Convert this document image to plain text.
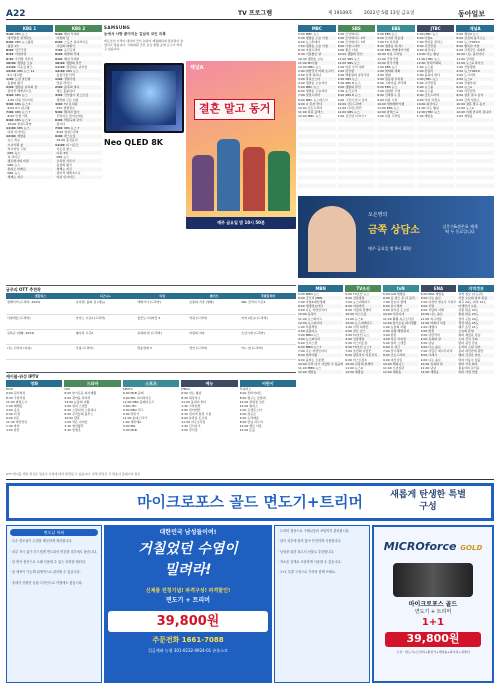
A22	TV 프로그램	제 19109호	2022년 5월 13일 금요일	동아일보
KBS 1
5:00 KBS 뉴스
대기발전 정책특보
6:00 KBS 뉴스광장
광장 1부
8:00 인간극장
8:25 아침마당
9:30 우리말 겨루기
10:00 생방송 오늘
11:00 이웃집 찰스
12:00 KBS 뉴스 12
6시 내고향
1:00 도전 골든벨
동물의 왕국
2:00 생방송 남북의 창
걸어서 세계속으로
3:00 KBS 뉴스
4:00 다큐 인사이트
5:00 KBS 뉴스 5
6:00 6시 내고향
7:00 KBS 뉴스 7
8:00 인생 기록
9:00 KBS 뉴스 9
10:00 일일드라마
11:00 KBS 뉴스
다큐 인사이트
12:00 재방송
뉴스 특보
시사기획 창
역사저널 그날
KBS 뉴스
더 라이브
생로병사의 비밀
KBS 뉴스
통일로 미래로
KBS 뉴스
세계는 지금
KBS 2
5:00 해피 투게더
아침의 잎
6:00 스포츠 하이라이트
사랑의 꽈배기
7:00 순간포착
8:00 태양의 후예
9:00 해피 투게더
10:00 생활의 달인
11:00 살림하는 남자들
12:00 KBS 뉴스
동물극장 단짝
1:00 경찰수업
연중 라이브
2:00 불후의 명곡
개는 훌륭하다
3:00 신상출시 편스토랑
세상의 모든 다큐
4:00 TV 유치원
2TV 생생정보
5:00 해치지 않아
무엇이든 물어보세요
6:00 박원숙의 같이
삽시다
7:00 KBS 뉴스 7
8:00 일일드라마
9:00 편스토랑
10:00 홍김동전
11:00 더 시즌즈
이웃집 찰스
다큐 3일
KBS 뉴스
우리말 겨루기
동물의 왕국
세계는 지금
걸어서 세계속으로
다큐 인사이트
SAMSUNG
눈에서 사랑 쏟아지는 김남국 코인 의혹
비트코인 가격이 내리며 코인 논란이 재점화되며 정치권이 술렁이고 있습니다. 국회의원 코인 보유 현황 공개 요구가 커지고 있습니다.
Neo QLED 8K
채널A
결혼 말고 동거
매주 금요일 밤 10시 50분
MBC
5:00 MBC 뉴스
5:30 생방송 오늘 아침
6:00 뉴스투데이
7:50 생방송 오늘 아침
8:30 아침드라마
9:30 기분좋은 날
10:30 생방송 오늘
11:00 PD수첩
12:00 MBC 뉴스
1:00 대한민국 미래 보고서
2:00 놀면 뭐하니
3:00 라디오스타
4:00 생방송 오늘저녁
5:00 MBC 뉴스
6:00 생방송 오늘저녁
7:00 일일드라마
8:00 MBC 뉴스데스크
9:00 나 혼자 산다
10:00 금토드라마
11:00 다큐 플렉스
12:00 MBC 뉴스
SBS
5:00 모닝와이드
6:00 모닝와이드 2부
7:00 모닝와이드 3부
8:00 아침드라마
9:00 좋은 아침
10:00 생활의 달인
11:00 SBS 뉴스
12:00 SBS 뉴스
1:00 미운 우리 새끼
2:00 런닝맨
3:00 백종원의 골목식당
4:00 SBS 뉴스
5:00 SBS 8 뉴스
6:00 생활의 달인
7:00 순간포착
8:00 SBS 8 뉴스
9:00 그것이 알고 싶다
10:00 금토드라마
11:00 나이트라인
12:00 SBS 뉴스
1:00 궁금한 이야기 Y
EBS
5:00 EBS 뉴스
6:00 모여라 딩동댕
7:00 TV 유치원
8:00 생방송 톡!톡!
9:00 EBS 세계테마기행
10:00 다큐 프라임
11:00 극한직업
12:00 한국기행
1:00 EBS 뉴스
2:00 세계의 명화
3:00 명의
4:00 딩동댕 유치원
5:00 고양이를 부탁해
6:00 EBS 뉴스
7:00 위대한 수업
8:00 건축탐구 집
9:00 다큐 시선
10:00 세계테마기행
11:00 EBS 뉴스
12:00 클래스 e
1:00 다큐 프라임
JTBC
5:00 JTBC 뉴스
6:00 아침&
7:00 상암동 클라스
8:00 사건반장
9:00 최강야구
10:00 아는 형님
11:00 JTBC 뉴스
12:00 정치부회의
1:00 뉴스룸
2:00 한블리
3:00 뭉쳐야 찬다
4:00 JTBC 뉴스
5:00 사건반장
6:00 뉴스룸
7:00 뉴스룸
8:00 금토드라마
9:00 닥터 차정숙
10:00 최강야구
11:00 아는 형님
12:00 JTBC 뉴스
1:00 재방송
채널A
5:00 채널A 뉴스
6:00 김진의 돌직구쇼
7:00 뉴스TOP10
8:00 행복한 아침
9:00 금쪽같은 내새끼
10:00 나는 몸신이다
11:00 강적들
12:00 뉴스A 라이브
1:00 신통방통
2:00 뉴스TOP10
3:00 도시어부
4:00 뉴스A
5:00 강철부대
6:00 뉴스A
7:00 서민갑부
8:00 결혼 말고 동거
9:00 금쪽 상담소
10:00 결혼 말고 동거
11:00 뉴스A
12:00 이제 만나러 갑니다
1:00 재방송
오은영의
금쪽 상담소
매주 금요일 밤 9시 30분
김응수&정은표 제게 딱 두 동료입니다
금주의 OTT 추천작
넷플릭스	디즈니+	티빙	웨이브	쿠팡플레이
퀸메이커 (드라마, 2023)	사이렌: 불의 섬 (예능)	택배기사 (드라마)	보통의 가족 (영화)	SNL 코리아 시즌4
사냥개들 (드라마)	카지노 시즌2 (드라마)	술꾼도시여자들 2	악귀 (드라마)	미끼 파트2 (드라마)
길복순 (영화, 2023)	형사록 시즌2	유괴의 날 (드라마)	비밀의 여자	소년시대 (드라마)
나는 신이다 (다큐)	무빙 (드라마)	환승연애 3	연인 (드라마)	어느 날 (드라마)
케이블·위성 IPTV
영화
OCN
6:00 검사외전
8:30 극한직업
11:00 범죄도시
1:30 베테랑
4:00 공조
6:30 더 킹
9:00 헌트
11:30 비상선언
1:40 마녀
3:50 한산
드라마
tvN
6:00 슬기로운 의사생활
9:00 갯마을 차차차
12:00 눈물의 여왕
3:00 일타 스캔들
6:00 스물다섯 스물하나
8:40 우리들의 블루스
10:50 환혼
1:00 작은 아씨들
3:10 철인왕후
5:20 빈센조
스포츠
SPOTV
6:00 MLB 중계
9:00 EPL 하이라이트
12:00 NBA 플레이오프
3:00 UFC
6:00 KBO 리그
9:00 라리가
11:00 분데스리가
1:00 세리에A
3:00 EPL
5:00 MLB
예능
JTBC2
6:00 아는 형님
8:30 최강야구
11:00 뭉쳐야 찬다
1:30 크라임씬
4:00 싱어게인
6:30 전지적 참견 시점
9:00 놀라운 토요일
11:30 지구오락실
1:40 신서유기
3:50 강식당
어린이
투니버스
6:00 신비아파트
8:00 짱구는 못말려
10:00 명탐정 코난
12:00 원피스
2:00 포켓몬스터
4:00 뽀로로
6:00 도라에몽
8:00 안녕 자두야
10:00 헬로 카봇
12:00 또봇
MBN
5:00 MBN 뉴스
6:00 굿모닝 MBN
7:00 아침&매일경제
8:00 생생정보마당
9:00 나는 자연인이다
10:00 동치미
11:00 뉴스와이드
12:00 뉴스파이터
1:00 특종세상
2:00 속풀이쇼
3:00 MBN 뉴스
4:00 뉴스파이터
5:00 보이스퀸
6:00 MBN 뉴스7
7:00 나는 자연인이다
8:00 현역가왕
9:00 불타는 트롯맨
10:00 우리 다시 사랑할 수 있을까
11:00 MBN 뉴스
12:00 재방송
TV조선
5:00 TV조선 뉴스
6:00 신통방통
7:00 뉴스퍼레이드
8:00 아침마당
9:00 사랑의 콜센타
10:00 미스트롯
11:00 뉴스9
12:00 뉴스퍼레이드
1:00 식객 허영만
2:00 골든 걸스
3:00 TV조선 뉴스
4:00 신통방통
5:00 미스터트롯
6:00 TV조선 뉴스7
7:00 조선의 사랑꾼
8:00 결혼작사 이혼작곡
9:00 미스트롯3
10:00 사랑의 콜센타
11:00 뉴스9
12:00 재방송
tvN
5:00 tvN 재방송
6:00 유 퀴즈 온 더 블럭
7:00 꽃보다 할배
8:00 삼시세끼
9:00 놀라운 토요일
10:00 서진이네
11:00 뿅뿅 지구오락실
12:00 슬기로운 의사생활
1:00 눈물의 여왕
2:00 나의 해방일지
3:00 환혼
4:00 작은 아씨들
5:00 일타 스캔들
6:00 유 퀴즈
7:00 삼시세끼
8:00 금토드라마
9:00 여신강림
10:00 해피니스
11:00 소년심판
12:00 재방송
ENA
5:00 ENA 재방송
6:00 나는 솔로
7:00 이상한 변호사 우영우
8:00 신병
9:00 사랑의 이해
10:00 나는 솔로
11:00 지구마불
12:00 어쩌다 사장
1:00 대행사
2:00 법쩐
3:00 낭만닥터
4:00 유괴의 날
5:00 남남
6:00 나는 솔로
7:00 사랑은 외나무다리
8:00 크래시
9:00 나는 솔로
10:00 유괴의 날
11:00 남남
12:00 재방송
지역정보
지역 정보 (수도권)
서울 오늘의 날씨 맑음
최고 24도 최저 12도
미세먼지 보통
강원 맑음 22도
충청 맑음 23도
전라 구름 24도
경상 맑음 25도
제주 흐림 21도
오늘의 운세
쥐띠 재물운 상승
소띠 건강 주의
범띠 귀인 만남
토끼띠 소원 성취
용띠 대인관계 원만
뱀띠 금전운 양호
말띠 이동수 있음
양띠 가족 화목
원숭이띠 문서운
닭띠 사업 번창
OTT·케이블 채널 편성은 방송사 사정에 따라 변경될 수 있습니다. 상세 편성은 각 방송사 홈페이지 참조
마이크로포스 골드 면도기+트리머	새롭게 탄생한 특별구성
면도날 특허
· 특수 면도날이 수염을 깨끗하게 정리합니다.
· 피부 자극 없이 부드럽게 면도되어 민감한 피부에도 좋습니다.
· 한 번의 충전으로 오래 사용할 수 있는 강력한 배터리.
· 물 세척이 가능해 위생적으로 관리할 수 있습니다.
· 휴대가 간편한 슬림 디자인으로 여행에도 좋습니다.
대한민국 남성들이여!
거칠었던 수염이
밀려라!
신제품 런칭기념! 파격구성! 파격할인!
면도기 + 트리머
39,800원
주문전화 1661-7088
입금계좌 농협 301-0232-0924-01 유통스토
· 트리머 겸용으로 구레나룻과 코털까지 관리합니다.
· 날이 피부에 닿지 않아 안전하게 사용합니다.
· 남성을 위한 최고의 선물로 추천합니다.
· 저소음 설계로 조용하게 사용할 수 있습니다.
· 1+1 특별 구성으로 가족과 함께 쓰세요.
MICROforce GOLD
마이크로포스 골드
면도기 + 트리머
1+1
39,800원
구성 : 면도기+트리머+충전기+세척솔+파우치+설명서
